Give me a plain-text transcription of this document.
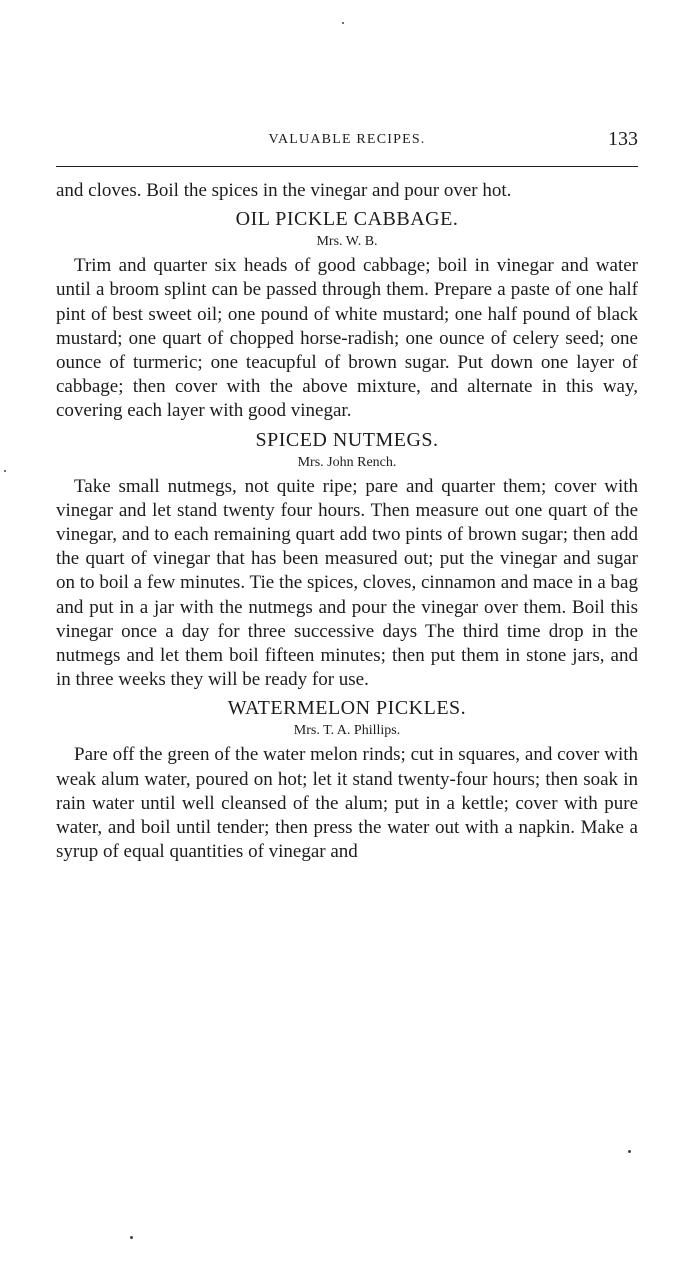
VALUABLE RECIPES.	133

and cloves. Boil the spices in the vinegar and pour over hot.

OIL PICKLE CABBAGE.
Mrs. W. B.

Trim and quarter six heads of good cabbage; boil in vinegar and water until a broom splint can be passed through them. Prepare a paste of one half pint of best sweet oil; one pound of white mustard; one half pound of black mustard; one quart of chopped horse-radish; one ounce of celery seed; one ounce of turmeric; one teacupful of brown sugar. Put down one layer of cabbage; then cover with the above mixture, and alternate in this way, covering each layer with good vinegar.

SPICED NUTMEGS.
Mrs. John Rench.

Take small nutmegs, not quite ripe; pare and quarter them; cover with vinegar and let stand twenty four hours. Then measure out one quart of the vinegar, and to each remaining quart add two pints of brown sugar; then add the quart of vinegar that has been measured out; put the vinegar and sugar on to boil a few minutes. Tie the spices, cloves, cinnamon and mace in a bag and put in a jar with the nutmegs and pour the vinegar over them. Boil this vinegar once a day for three successive days The third time drop in the nutmegs and let them boil fifteen minutes; then put them in stone jars, and in three weeks they will be ready for use.

WATERMELON PICKLES.
Mrs. T. A. Phillips.

Pare off the green of the water melon rinds; cut in squares, and cover with weak alum water, poured on hot; let it stand twenty-four hours; then soak in rain water until well cleansed of the alum; put in a kettle; cover with pure water, and boil until tender; then press the water out with a napkin. Make a syrup of equal quantities of vinegar and
